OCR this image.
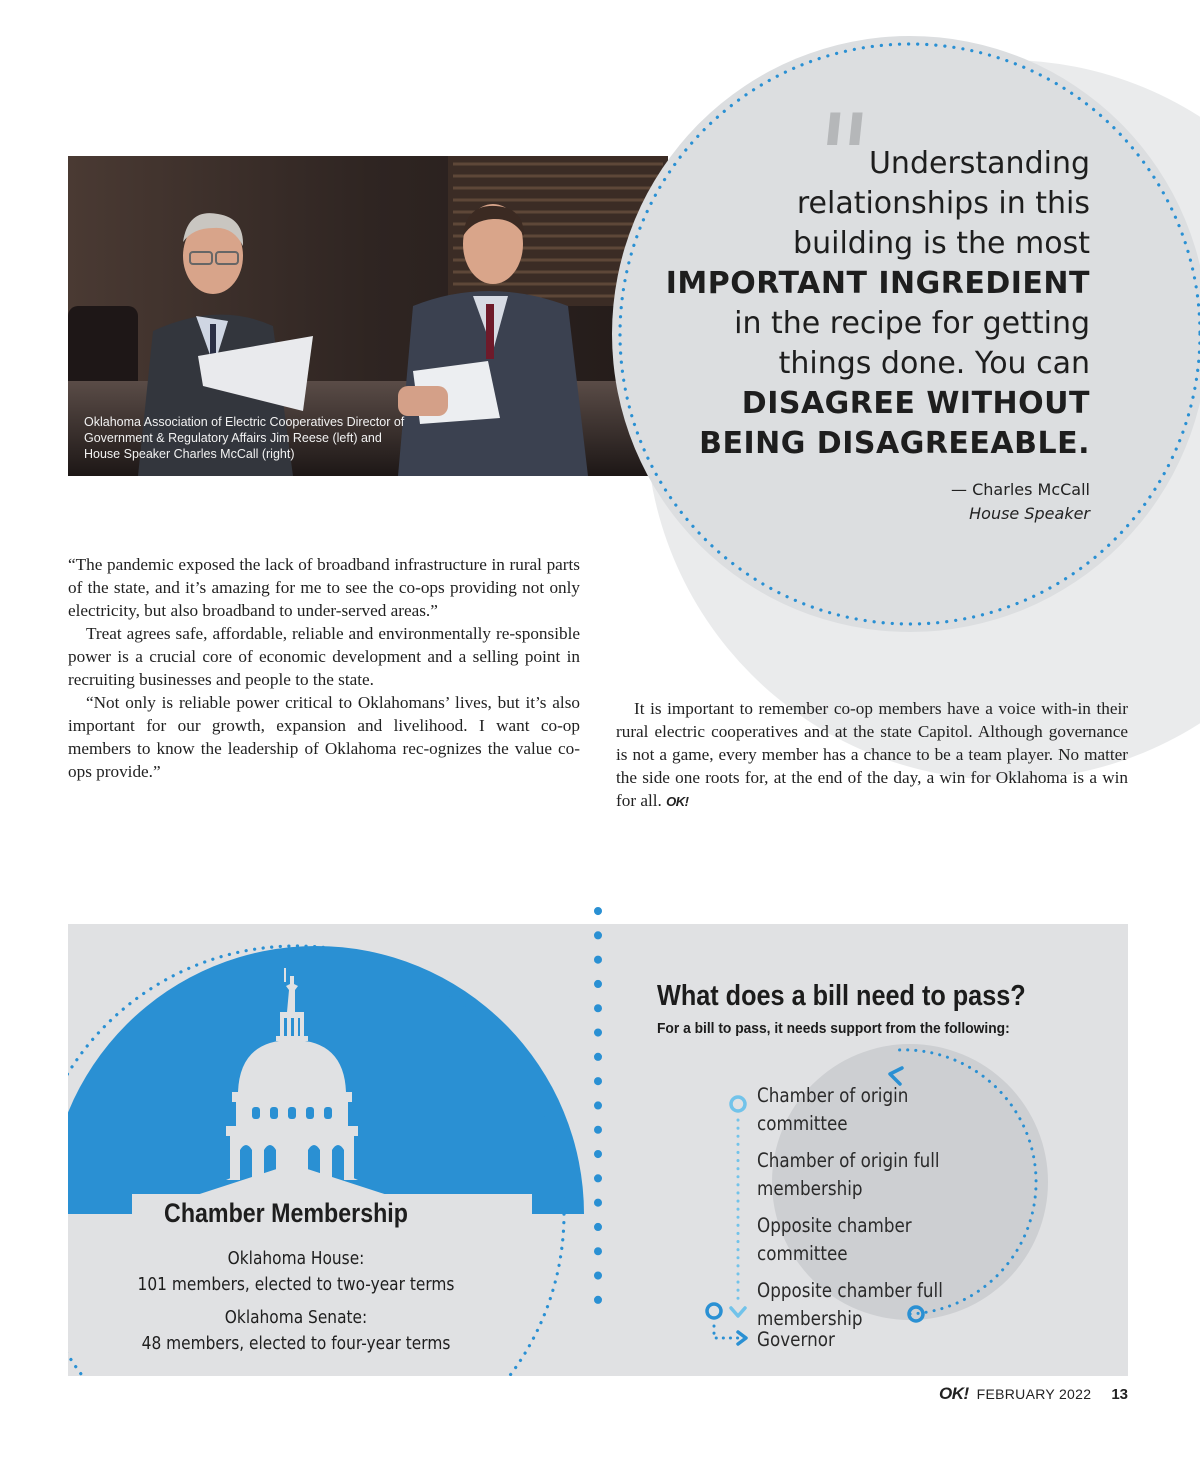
Oklahoma Association of Electric Cooperatives Director of
Government & Regulatory Affairs Jim Reese (left) and
House Speaker Charles McCall (right)
" Understanding
relationships in this
building is the most
IMPORTANT INGREDIENT
in the recipe for getting
things done. You can
DISAGREE WITHOUT
BEING DISAGREEABLE.
— Charles McCall
House Speaker

“The pandemic exposed the lack of broadband infrastructure in rural parts of the state, and it’s amazing for me to see the co-ops providing not only electricity, but also broadband to under-served areas.”

Treat agrees safe, affordable, reliable and environmentally re-sponsible power is a crucial core of economic development and a selling point in recruiting businesses and people to the state.

“Not only is reliable power critical to Oklahomans’ lives, but it’s also important for our growth, expansion and livelihood. I want co-op members to know the leadership of Oklahoma rec-ognizes the value co-ops provide.”

It is important to remember co-op members have a voice with-in their rural electric cooperatives and at the state Capitol. Although governance is not a game, every member has a chance to be a team player. No matter the side one roots for, at the end of the day, a win for Oklahoma is a win for all. OK!

Chamber Membership
Oklahoma House:
101 members, elected to two-year terms
Oklahoma Senate:
48 members, elected to four-year terms
What does a bill need to pass?
For a bill to pass, it needs support from the following:
Chamber of origin committee
Chamber of origin full membership
Opposite chamber committee
Opposite chamber full membership
Governor
OK! FEBRUARY 2022 13
